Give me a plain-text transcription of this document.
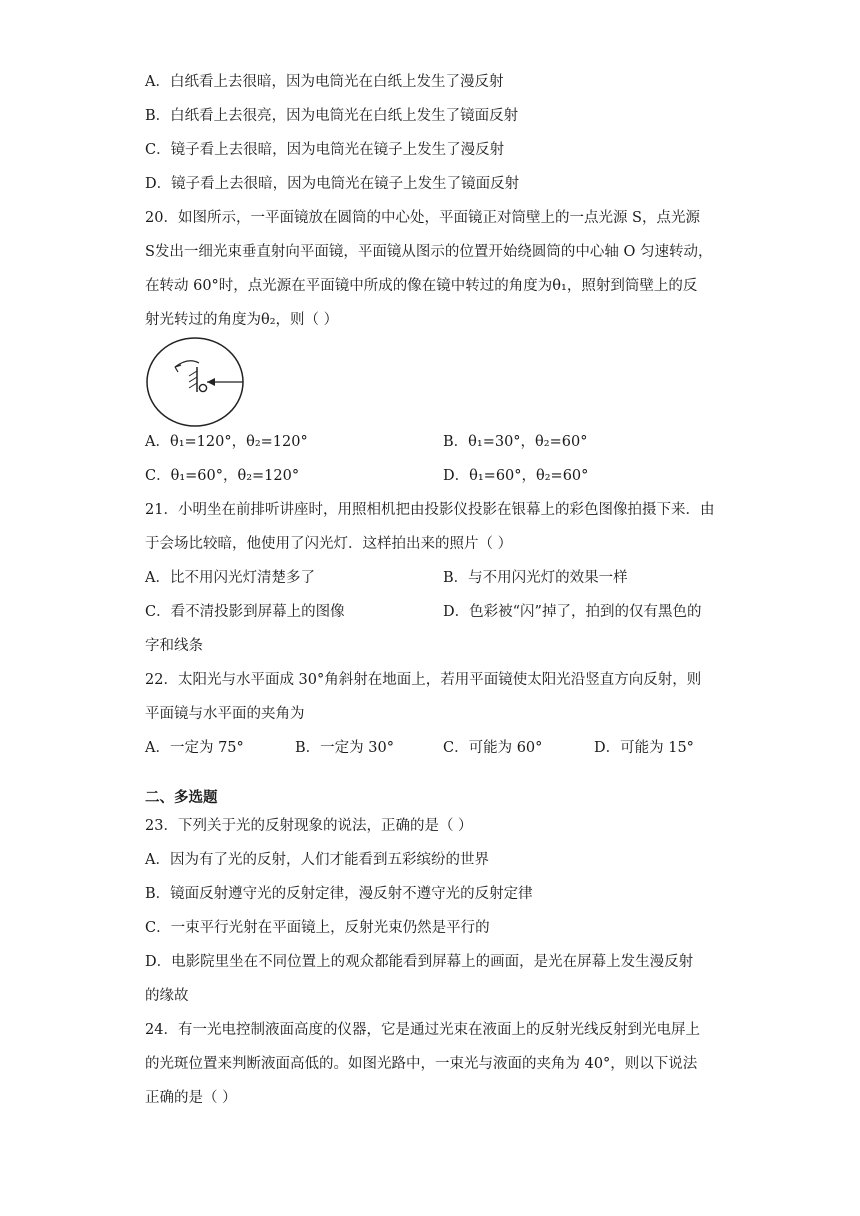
A．白纸看上去很暗，因为电筒光在白纸上发生了漫反射
B．白纸看上去很亮，因为电筒光在白纸上发生了镜面反射
C．镜子看上去很暗，因为电筒光在镜子上发生了漫反射
D．镜子看上去很暗，因为电筒光在镜子上发生了镜面反射
20．如图所示，一平面镜放在圆筒的中心处，平面镜正对筒壁上的一点光源 S，点光源
S发出一细光束垂直射向平面镜，平面镜从图示的位置开始绕圆筒的中心轴 O 匀速转动，
在转动 60°时，点光源在平面镜中所成的像在镜中转过的角度为θ₁，照射到筒壁上的反
射光转过的角度为θ₂，则（ ）
A．θ₁=120°，θ₂=120°	B．θ₁=30°，θ₂=60°
C．θ₁=60°，θ₂=120°	D．θ₁=60°，θ₂=60°
21．小明坐在前排听讲座时，用照相机把由投影仪投影在银幕上的彩色图像拍摄下来．由
于会场比较暗，他使用了闪光灯．这样拍出来的照片（ ）
A．比不用闪光灯清楚多了	B．与不用闪光灯的效果一样
C．看不清投影到屏幕上的图像	D．色彩被“闪”掉了，拍到的仅有黑色的
字和线条
22．太阳光与水平面成 30°角斜射在地面上，若用平面镜使太阳光沿竖直方向反射，则
平面镜与水平面的夹角为
A．一定为 75°	B．一定为 30°	C．可能为 60°	D．可能为 15°
二、多选题
23．下列关于光的反射现象的说法，正确的是（ ）
A．因为有了光的反射，人们才能看到五彩缤纷的世界
B．镜面反射遵守光的反射定律，漫反射不遵守光的反射定律
C．一束平行光射在平面镜上，反射光束仍然是平行的
D．电影院里坐在不同位置上的观众都能看到屏幕上的画面，是光在屏幕上发生漫反射
的缘故
24．有一光电控制液面高度的仪器，它是通过光束在液面上的反射光线反射到光电屏上
的光斑位置来判断液面高低的。如图光路中，一束光与液面的夹角为 40°，则以下说法
正确的是（ ）
